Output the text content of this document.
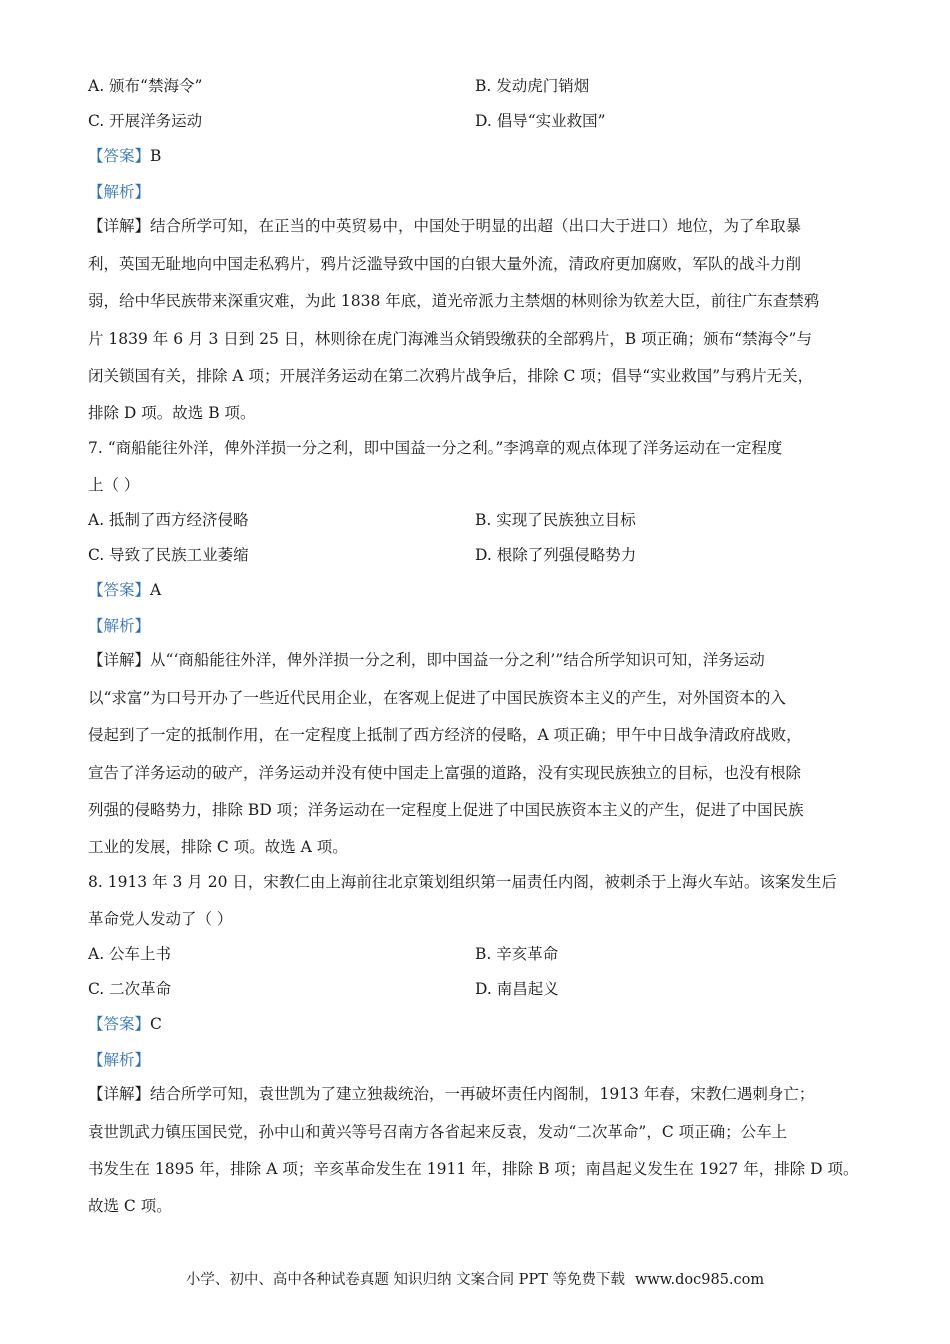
A. 颁布“禁海令”	B. 发动虎门销烟
C. 开展洋务运动	D. 倡导“实业救国”
【答案】B
【解析】
【详解】结合所学可知，在正当的中英贸易中，中国处于明显的出超（出口大于进口）地位，为了牟取暴
利，英国无耻地向中国走私鸦片，鸦片泛滥导致中国的白银大量外流，清政府更加腐败，军队的战斗力削
弱，给中华民族带来深重灾难，为此 1838 年底，道光帝派力主禁烟的林则徐为钦差大臣，前往广东查禁鸦
片 1839 年 6 月 3 日到 25 日，林则徐在虎门海滩当众销毁缴获的全部鸦片，B 项正确；颁布“禁海令”与
闭关锁国有关，排除 A 项；开展洋务运动在第二次鸦片战争后，排除 C 项；倡导“实业救国”与鸦片无关，
排除 D 项。故选 B 项。
7. “商船能往外洋，俾外洋损一分之利，即中国益一分之利。”李鸿章的观点体现了洋务运动在一定程度
上（ ）
A. 抵制了西方经济侵略	B. 实现了民族独立目标
C. 导致了民族工业萎缩	D. 根除了列强侵略势力
【答案】A
【解析】
【详解】从“‘商船能往外洋，俾外洋损一分之利，即中国益一分之利’”结合所学知识可知，洋务运动
以“求富”为口号开办了一些近代民用企业，在客观上促进了中国民族资本主义的产生，对外国资本的入
侵起到了一定的抵制作用，在一定程度上抵制了西方经济的侵略，A 项正确；甲午中日战争清政府战败，
宣告了洋务运动的破产，洋务运动并没有使中国走上富强的道路，没有实现民族独立的目标，也没有根除
列强的侵略势力，排除 BD 项；洋务运动在一定程度上促进了中国民族资本主义的产生，促进了中国民族
工业的发展，排除 C 项。故选 A 项。
8. 1913 年 3 月 20 日，宋教仁由上海前往北京策划组织第一届责任内阁，被刺杀于上海火车站。该案发生后
革命党人发动了（ ）
A. 公车上书	B. 辛亥革命
C. 二次革命	D. 南昌起义
【答案】C
【解析】
【详解】结合所学可知，袁世凯为了建立独裁统治，一再破坏责任内阁制，1913 年春，宋教仁遇刺身亡；
袁世凯武力镇压国民党，孙中山和黄兴等号召南方各省起来反袁，发动“二次革命”，C 项正确；公车上
书发生在 1895 年，排除 A 项；辛亥革命发生在 1911 年，排除 B 项；南昌起义发生在 1927 年，排除 D 项。
故选 C 项。
小学、初中、高中各种试卷真题 知识归纳 文案合同 PPT 等免费下载 www.doc985.com
